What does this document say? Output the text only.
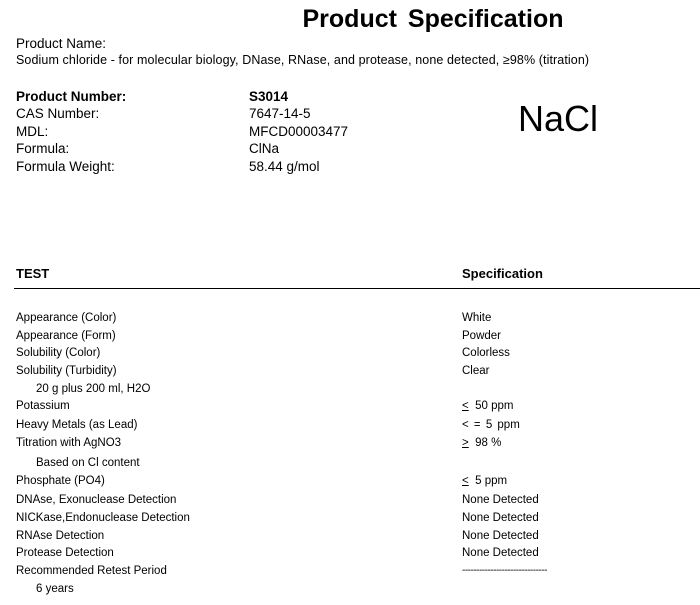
Product Specification
Product Name:
Sodium chloride - for molecular biology, DNase, RNase, and protease, none detected, ≥98% (titration)
Product Number:	S3014
CAS Number:	7647-14-5
MDL:	MFCD00003477
Formula:	ClNa
Formula Weight:	58.44 g/mol
NaCl
TEST	Specification
Appearance (Color)	White
Appearance (Form)	Powder
Solubility (Color)	Colorless
Solubility (Turbidity)	Clear
20 g plus 200 ml, H2O
Potassium	≤ 50 ppm
Heavy Metals (as Lead)	< = 5 ppm
Titration with AgNO3	≥ 98 %
Based on Cl content
Phosphate (PO4)	≤ 5 ppm
DNAse, Exonuclease Detection	None Detected
NICKase,Endonuclease Detection	None Detected
RNAse Detection	None Detected
Protease Detection	None Detected
Recommended Retest Period	------------------------------
6 years
